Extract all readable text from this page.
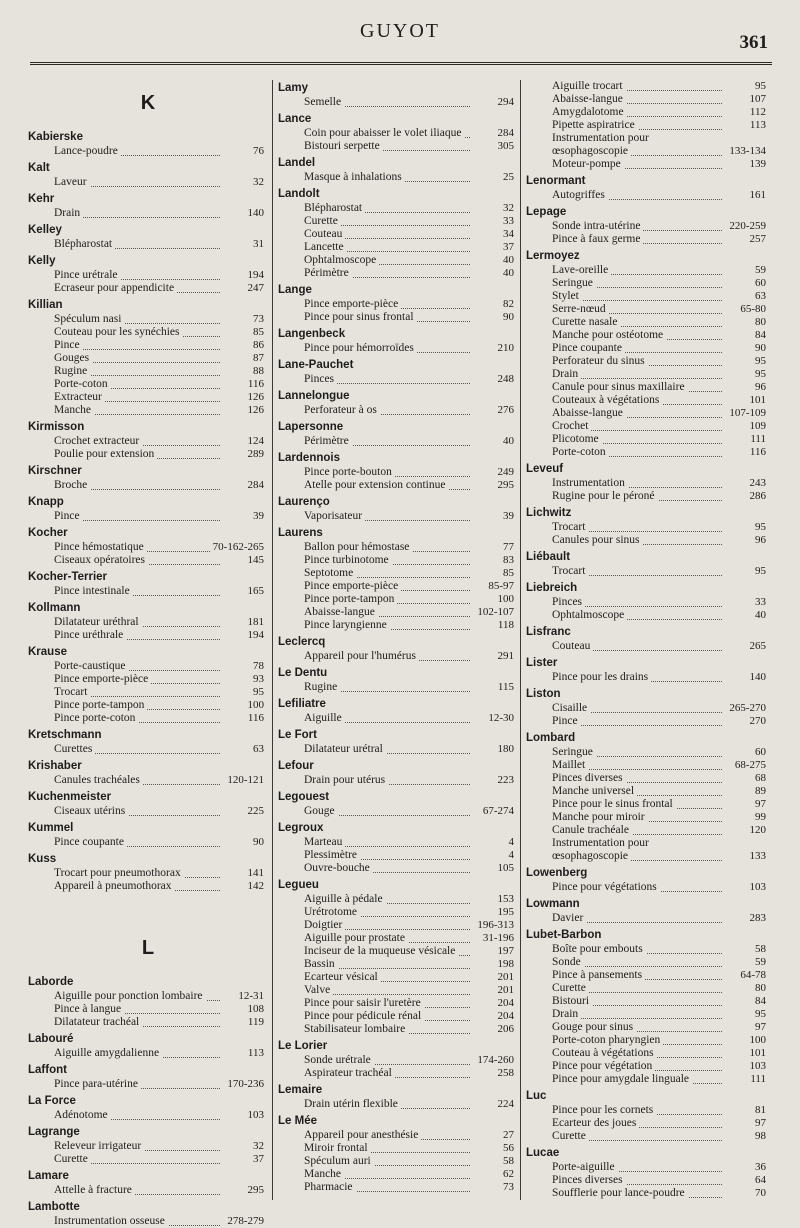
GUYOT
361
K
Kabierske
Lance-poudre	76
Kalt
Laveur	32
Kehr
Drain	140
Kelley
Blépharostat	31
Kelly
Pince urétrale	194
Ecraseur pour appendicite	247
Killian
Spéculum nasi	73
Couteau pour les synéchies	85
Pince	86
Gouges	87
Rugine	88
Porte-coton	116
Extracteur	126
Manche	126
Kirmisson
Crochet extracteur	124
Poulie pour extension	289
Kirschner
Broche	284
Knapp
Pince	39
Kocher
Pince hémostatique	70-162-265
Ciseaux opératoires	145
Kocher-Terrier
Pince intestinale	165
Kollmann
Dilatateur uréthral	181
Pince uréthrale	194
Krause
Porte-caustique	78
Pince emporte-pièce	93
Trocart	95
Pince porte-tampon	100
Pince porte-coton	116
Kretschmann
Curettes	63
Krishaber
Canules trachéales	120-121
Kuchenmeister
Ciseaux utérins	225
Kummel
Pince coupante	90
Kuss
Trocart pour pneumothorax	141
Appareil à pneumothorax	142
L
Laborde
Aiguille pour ponction lombaire	12-31
Pince à langue	108
Dilatateur trachéal	119
Labouré
Aiguille amygdalienne	113
Laffont
Pince para-utérine	170-236
La Force
Adénotome	103
Lagrange
Releveur irrigateur	32
Curette	37
Lamare
Attelle à fracture	295
Lambotte
Instrumentation osseuse	278-279
Lamy
Semelle	294
Lance
Coin pour abaisser le volet iliaque	284
Bistouri serpette	305
Landel
Masque à inhalations	25
Landolt
Blépharostat	32
Curette	33
Couteau	34
Lancette	37
Ophtalmoscope	40
Périmètre	40
Lange
Pince emporte-pièce	82
Pince pour sinus frontal	90
Langenbeck
Pince pour hémorroïdes	210
Lane-Pauchet
Pinces	248
Lannelongue
Perforateur à os	276
Lapersonne
Périmètre	40
Lardennois
Pince porte-bouton	249
Atelle pour extension continue	295
Laurenço
Vaporisateur	39
Laurens
Ballon pour hémostase	77
Pince turbinotome	83
Septotome	85
Pince emporte-pièce	85-97
Pince porte-tampon	100
Abaisse-langue	102-107
Pince laryngienne	118
Leclercq
Appareil pour l'humérus	291
Le Dentu
Rugine	115
Lefiliatre
Aiguille	12-30
Le Fort
Dilatateur urétral	180
Lefour
Drain pour utérus	223
Legouest
Gouge	67-274
Legroux
Marteau	4
Plessimètre	4
Ouvre-bouche	105
Legueu
Aiguille à pédale	153
Urétrotome	195
Doigtier	196-313
Aiguille pour prostate	31-196
Inciseur de la muqueuse vésicale	197
Bassin	198
Ecarteur vésical	201
Valve	201
Pince pour saisir l'uretère	204
Pince pour pédicule rénal	204
Stabilisateur lombaire	206
Le Lorier
Sonde urétrale	174-260
Aspirateur trachéal	258
Lemaire
Drain utérin flexible	224
Le Mée
Appareil pour anesthésie	27
Miroir frontal	56
Spéculum auri	58
Manche	62
Pharmacie	73
Aiguille trocart	95
Abaisse-langue	107
Amygdalotome	112
Pipette aspiratrice	113
Instrumentation pour œsophagoscopie	133-134
Moteur-pompe	139
Lenormant
Autogriffes	161
Lepage
Sonde intra-utérine	220-259
Pince à faux germe	257
Lermoyez
Lave-oreille	59
Seringue	60
Stylet	63
Serre-nœud	65-80
Curette nasale	80
Manche pour ostéotome	84
Pince coupante	90
Perforateur du sinus	95
Drain	95
Canule pour sinus maxillaire	96
Couteaux à végétations	101
Abaisse-langue	107-109
Crochet	109
Plicotome	111
Porte-coton	116
Leveuf
Instrumentation	243
Rugine pour le péroné	286
Lichwitz
Trocart	95
Canules pour sinus	96
Liébault
Trocart	95
Liebreich
Pinces	33
Ophtalmoscope	40
Lisfranc
Couteau	265
Lister
Pince pour les drains	140
Liston
Cisaille	265-270
Pince	270
Lombard
Seringue	60
Maillet	68-275
Pinces diverses	68
Manche universel	89
Pince pour le sinus frontal	97
Manche pour miroir	99
Canule trachéale	120
Instrumentation pour œsophagoscopie	133
Lowenberg
Pince pour végétations	103
Lowmann
Davier	283
Lubet-Barbon
Boîte pour embouts	58
Sonde	59
Pince à pansements	64-78
Curette	80
Bistouri	84
Drain	95
Gouge pour sinus	97
Porte-coton pharyngien	100
Couteau à végétations	101
Pince pour végétation	103
Pince pour amygdale linguale	111
Luc
Pince pour les cornets	81
Ecarteur des joues	97
Curette	98
Lucae
Porte-aiguille	36
Pinces diverses	64
Soufflerie pour lance-poudre	70
